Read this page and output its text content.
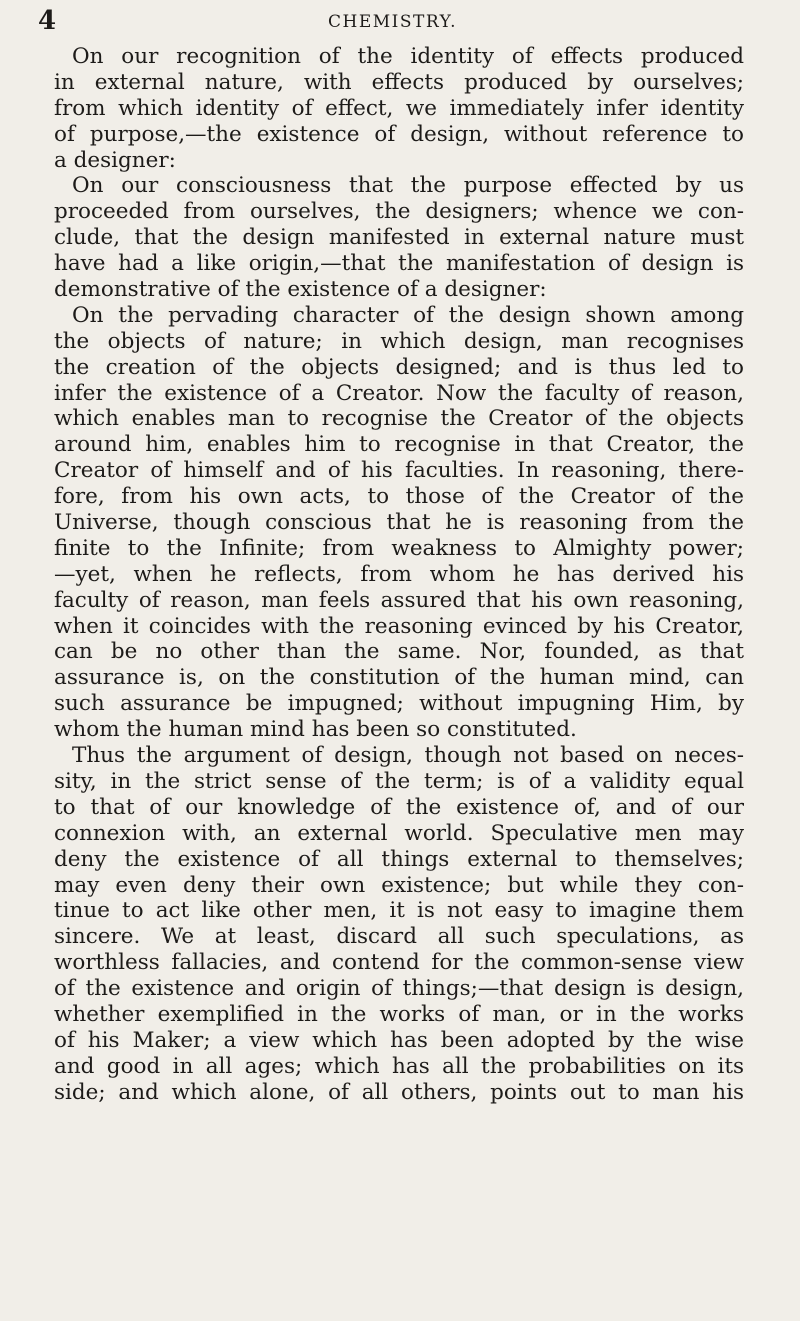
4	CHEMISTRY.
On our recognition of the identity of effects produced
in external nature, with effects produced by ourselves;
from which identity of effect, we immediately infer identity
of purpose,—the existence of design, without reference to
a designer:
On our consciousness that the purpose effected by us
proceeded from ourselves, the designers; whence we con-
clude, that the design manifested in external nature must
have had a like origin,—that the manifestation of design is
demonstrative of the existence of a designer:
On the pervading character of the design shown among
the objects of nature; in which design, man recognises
the creation of the objects designed; and is thus led to
infer the existence of a Creator. Now the faculty of reason,
which enables man to recognise the Creator of the objects
around him, enables him to recognise in that Creator, the
Creator of himself and of his faculties. In reasoning, there-
fore, from his own acts, to those of the Creator of the
Universe, though conscious that he is reasoning from the
finite to the Infinite; from weakness to Almighty power;
—yet, when he reflects, from whom he has derived his
faculty of reason, man feels assured that his own reasoning,
when it coincides with the reasoning evinced by his Creator,
can be no other than the same. Nor, founded, as that
assurance is, on the constitution of the human mind, can
such assurance be impugned; without impugning Him, by
whom the human mind has been so constituted.
Thus the argument of design, though not based on neces-
sity, in the strict sense of the term; is of a validity equal
to that of our knowledge of the existence of, and of our
connexion with, an external world. Speculative men may
deny the existence of all things external to themselves;
may even deny their own existence; but while they con-
tinue to act like other men, it is not easy to imagine them
sincere. We at least, discard all such speculations, as
worthless fallacies, and contend for the common-sense view
of the existence and origin of things;—that design is design,
whether exemplified in the works of man, or in the works
of his Maker; a view which has been adopted by the wise
and good in all ages; which has all the probabilities on its
side; and which alone, of all others, points out to man his
